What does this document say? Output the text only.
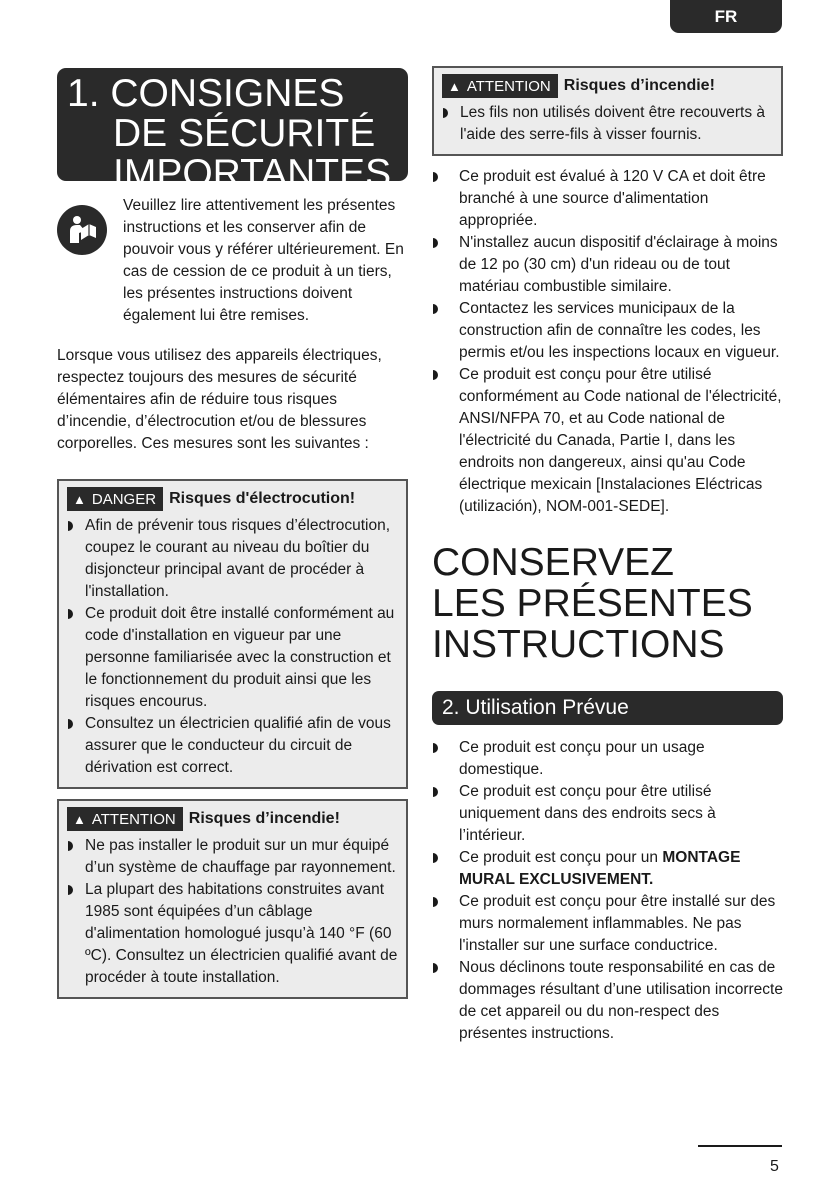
FR
1. CONSIGNES
DE SÉCURITÉ
IMPORTANTES
Veuillez lire attentivement les présentes instructions et les conserver afin de pouvoir vous y référer ultérieurement. En cas de cession de ce produit à un tiers, les présentes instructions doivent également lui être remises.
Lorsque vous utilisez des appareils électriques, respectez toujours des mesures de sécurité élémentaires afin de réduire tous risques d’incendie, d’électrocution et/ou de blessures corporelles. Ces mesures sont les suivantes :
▲ DANGER Risques d'électrocution!
Afin de prévenir tous risques d’électrocution, coupez le courant au niveau du boîtier du disjoncteur principal avant de procéder à l'installation.
Ce produit doit être installé conformément au code d'installation en vigueur par une personne familiarisée avec la construction et le fonctionnement du produit ainsi que les risques encourus.
Consultez un électricien qualifié afin de vous assurer que le conducteur du circuit de dérivation est correct.
▲ ATTENTION Risques d’incendie!
Ne pas installer le produit sur un mur équipé d’un système de chauffage par rayonnement.
La plupart des habitations construites avant 1985 sont équipées d’un câblage d'alimentation homologué jusqu’à 140 °F (60 ºC). Consultez un électricien qualifié avant de procéder à toute installation.
▲ ATTENTION Risques d’incendie!
Les fils non utilisés doivent être recouverts à l'aide des serre-fils à visser fournis.
Ce produit est évalué à 120 V CA et doit être branché à une source d'alimentation appropriée.
N'installez aucun dispositif d'éclairage à moins de 12 po (30 cm) d'un rideau ou de tout matériau combustible similaire.
Contactez les services municipaux de la construction afin de connaître les codes, les permis et/ou les inspections locaux en vigueur.
Ce produit est conçu pour être utilisé conformément au Code national de l'électricité, ANSI/NFPA 70, et au Code national de l'électricité du Canada, Partie I, dans les endroits non dangereux, ainsi qu'au Code électrique mexicain [Instalaciones Eléctricas (utilización), NOM-001-SEDE].
CONSERVEZ
LES PRÉSENTES
INSTRUCTIONS
2. Utilisation Prévue
Ce produit est conçu pour un usage domestique.
Ce produit est conçu pour être utilisé uniquement dans des endroits secs à l’intérieur.
Ce produit est conçu pour un MONTAGE MURAL EXCLUSIVEMENT.
Ce produit est conçu pour être installé sur des murs normalement inflammables. Ne pas l'installer sur une surface conductrice.
Nous déclinons toute responsabilité en cas de dommages résultant d’une utilisation incorrecte de cet appareil ou du non-respect des présentes instructions.
5
